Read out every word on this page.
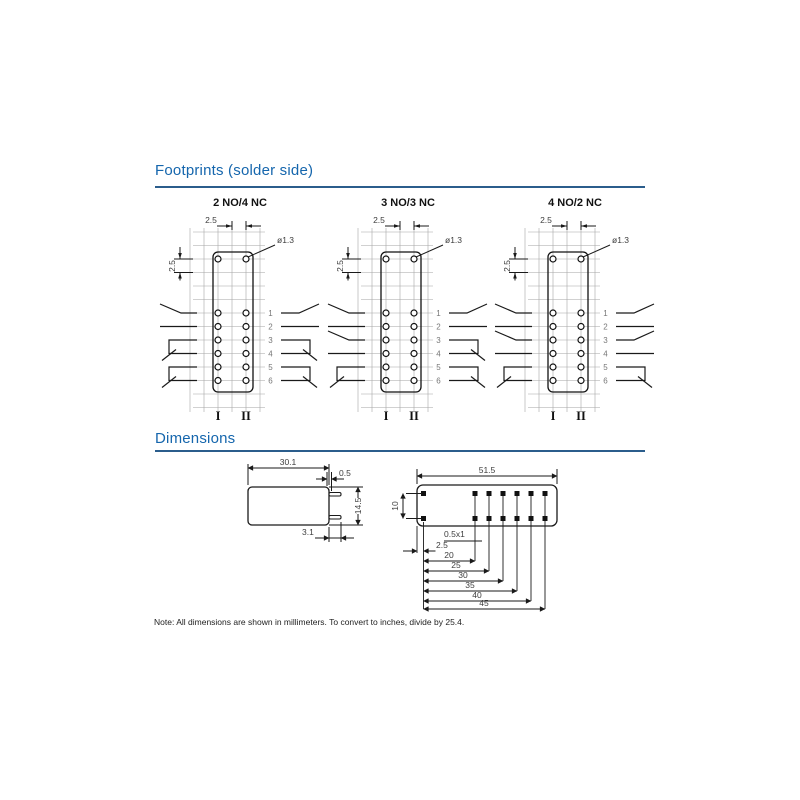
Footprints (solder side)
2 NO/4 NC
2.5
2.5
ø1.3
1
2
3
4
5
6
I II
3 NO/3 NC
2.5
2.5
ø1.3
1
2
3
4
5
6
I II
4 NO/2 NC
2.5
2.5
ø1.3
1
2
3
4
5
6
I II
Dimensions
30.1
0.5
14.5
3.1
51.5
10
0.5x1
2.5
20
25
30
35
40
45
Note: All dimensions are shown in millimeters. To convert to inches, divide by 25.4.
